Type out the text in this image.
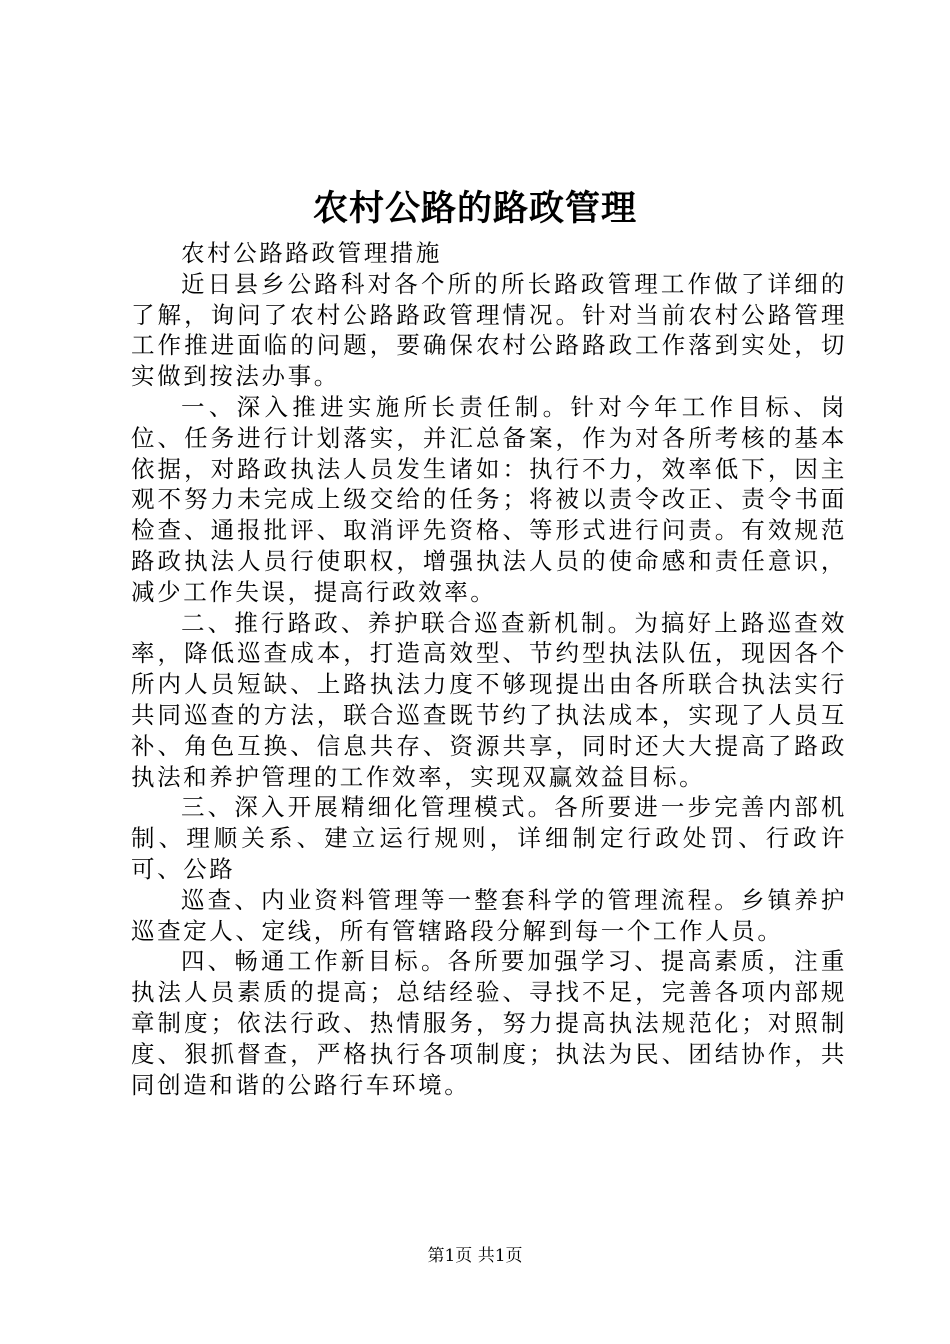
农村公路的路政管理

农村公路路政管理措施

近日县乡公路科对各个所的所长路政管理工作做了详细的了解，询问了农村公路路政管理情况。针对当前农村公路管理工作推进面临的问题，要确保农村公路路政工作落到实处，切实做到按法办事。

一、深入推进实施所长责任制。针对今年工作目标、岗位、任务进行计划落实，并汇总备案，作为对各所考核的基本依据，对路政执法人员发生诸如：执行不力，效率低下，因主观不努力未完成上级交给的任务；将被以责令改正、责令书面检查、通报批评、取消评先资格、等形式进行问责。有效规范路政执法人员行使职权，增强执法人员的使命感和责任意识，减少工作失误，提高行政效率。

二、推行路政、养护联合巡查新机制。为搞好上路巡查效率，降低巡查成本，打造高效型、节约型执法队伍，现因各个所内人员短缺、上路执法力度不够现提出由各所联合执法实行共同巡查的方法，联合巡查既节约了执法成本，实现了人员互补、角色互换、信息共存、资源共享，同时还大大提高了路政执法和养护管理的工作效率，实现双赢效益目标。

三、深入开展精细化管理模式。各所要进一步完善内部机制、理顺关系、建立运行规则，详细制定行政处罚、行政许可、公路

巡查、内业资料管理等一整套科学的管理流程。乡镇养护巡查定人、定线，所有管辖路段分解到每一个工作人员。

四、畅通工作新目标。各所要加强学习、提高素质，注重执法人员素质的提高；总结经验、寻找不足，完善各项内部规章制度；依法行政、热情服务，努力提高执法规范化；对照制度、狠抓督查，严格执行各项制度；执法为民、团结协作，共同创造和谐的公路行车环境。

第1页 共1页
